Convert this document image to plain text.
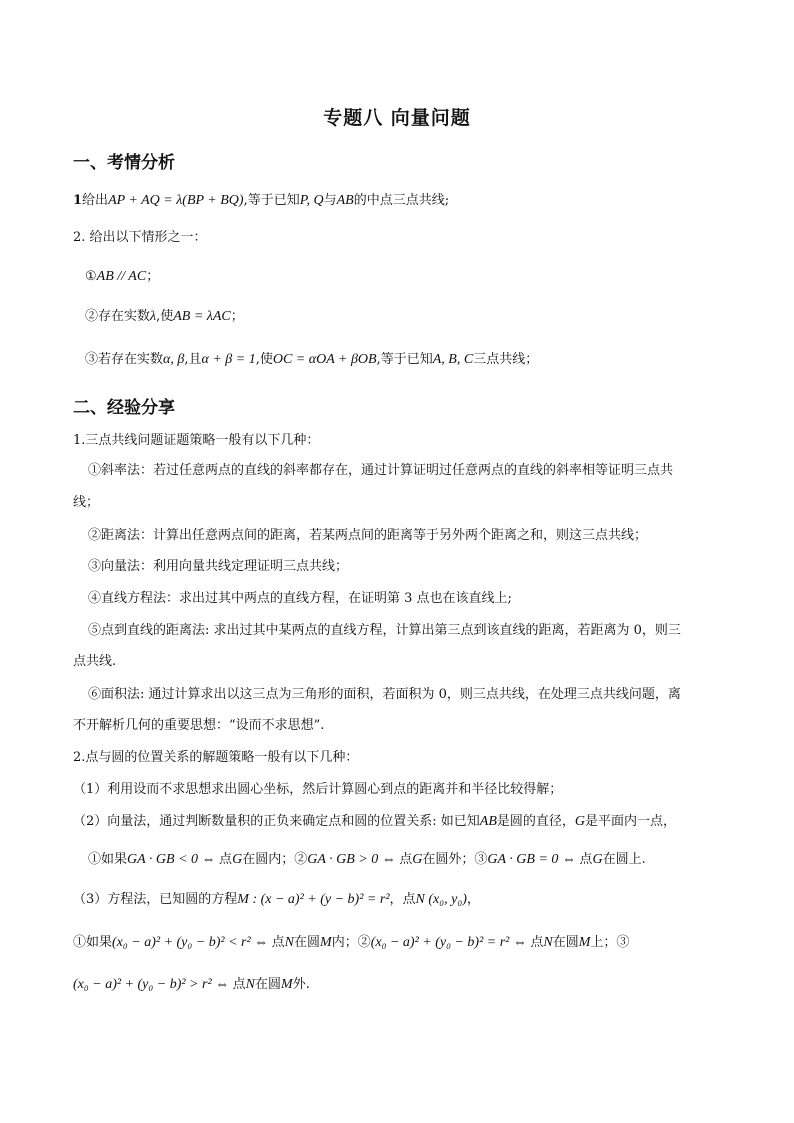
专题八 向量问题
一、考情分析
1给出AP + AQ = λ(BP + BQ),等于已知P, Q与AB的中点三点共线;
2. 给出以下情形之一：
①AB // AC；
②存在实数λ,使AB = λAC；
③若存在实数α, β,且α + β = 1,使OC = αOA + βOB,等于已知A, B, C三点共线；
二、经验分享
1.三点共线问题证题策略一般有以下几种：
①斜率法：若过任意两点的直线的斜率都存在，通过计算证明过任意两点的直线的斜率相等证明三点共
线；
②距离法：计算出任意两点间的距离，若某两点间的距离等于另外两个距离之和，则这三点共线；
③向量法：利用向量共线定理证明三点共线；
④直线方程法：求出过其中两点的直线方程，在证明第 3 点也在该直线上;
⑤点到直线的距离法: 求出过其中某两点的直线方程，计算出第三点到该直线的距离，若距离为 0，则三
点共线.
⑥面积法: 通过计算求出以这三点为三角形的面积，若面积为 0，则三点共线，在处理三点共线问题，离
不开解析几何的重要思想：“设而不求思想”.
2.点与圆的位置关系的解题策略一般有以下几种：
（1）利用设而不求思想求出圆心坐标，然后计算圆心到点的距离并和半径比较得解；
（2）向量法，通过判断数量积的正负来确定点和圆的位置关系: 如已知AB是圆的直径，G是平面内一点，
①如果GA · GB < 0 ⇔ 点G在圆内；②GA · GB > 0 ⇔ 点G在圆外；③GA · GB = 0 ⇔ 点G在圆上.
（3）方程法，已知圆的方程M : (x − a)² + (y − b)² = r²，点N (x₀, y₀)，
①如果(x₀ − a)² + (y₀ − b)² < r² ⇔ 点N在圆M内；②(x₀ − a)² + (y₀ − b)² = r² ⇔ 点N在圆M上；③
(x₀ − a)² + (y₀ − b)² > r² ⇔ 点N在圆M外.
